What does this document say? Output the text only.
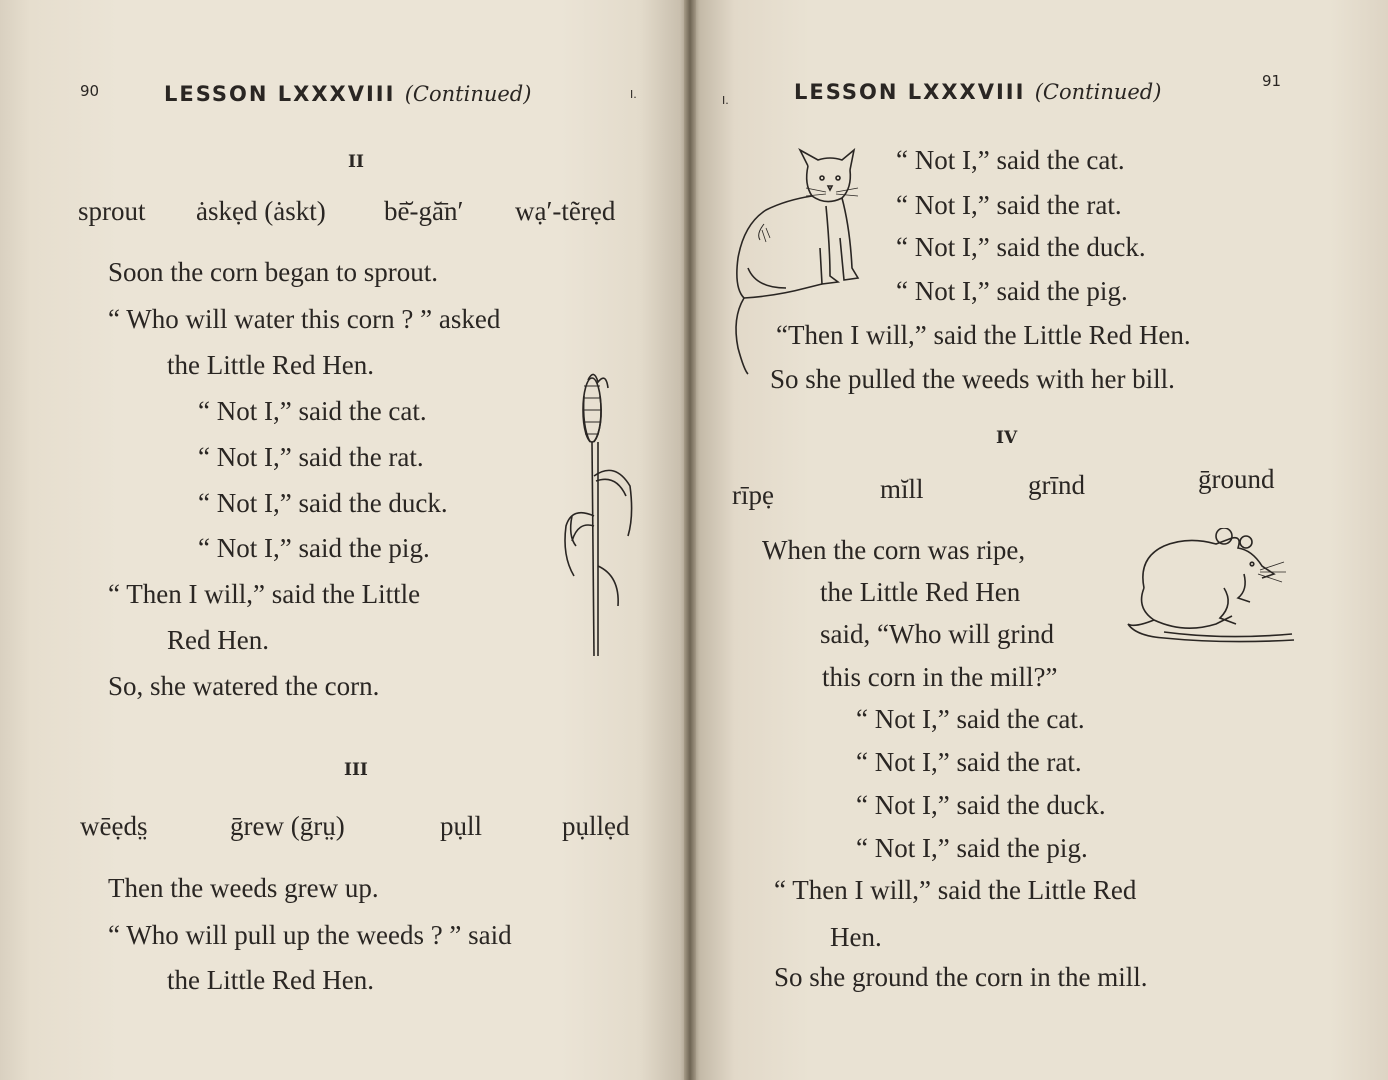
90	LESSON LXXXVIII (Continued)	I.
II
sprout ȧskẹd (ȧskt) bē̆-gă̄n′ wạ′-tẽrẹd
Soon the corn began to sprout.
“ Who will water this corn ? ” asked
the Little Red Hen.
“ Not I,” said the cat.
“ Not I,” said the rat.
“ Not I,” said the duck.
“ Not I,” said the pig.
“ Then I will,” said the Little
Red Hen.
So, she watered the corn.
III
wēẹds̤	ḡrew (ḡrṳ)	pụll	pụllẹd
Then the weeds grew up.
“ Who will pull up the weeds ? ” said
the Little Red Hen.
I.	LESSON LXXXVIII (Continued)	91
“ Not I,” said the cat.
“ Not I,” said the rat.
“ Not I,” said the duck.
“ Not I,” said the pig.
“Then I will,” said the Little Red Hen.
So she pulled the weeds with her bill.
IV
rīpẹ	mĭll	grīnd	ḡround
When the corn was ripe,
the Little Red Hen
said, “Who will grind
this corn in the mill?”
“ Not I,” said the cat.
“ Not I,” said the rat.
“ Not I,” said the duck.
“ Not I,” said the pig.
“ Then I will,” said the Little Red
Hen.
So she ground the corn in the mill.
